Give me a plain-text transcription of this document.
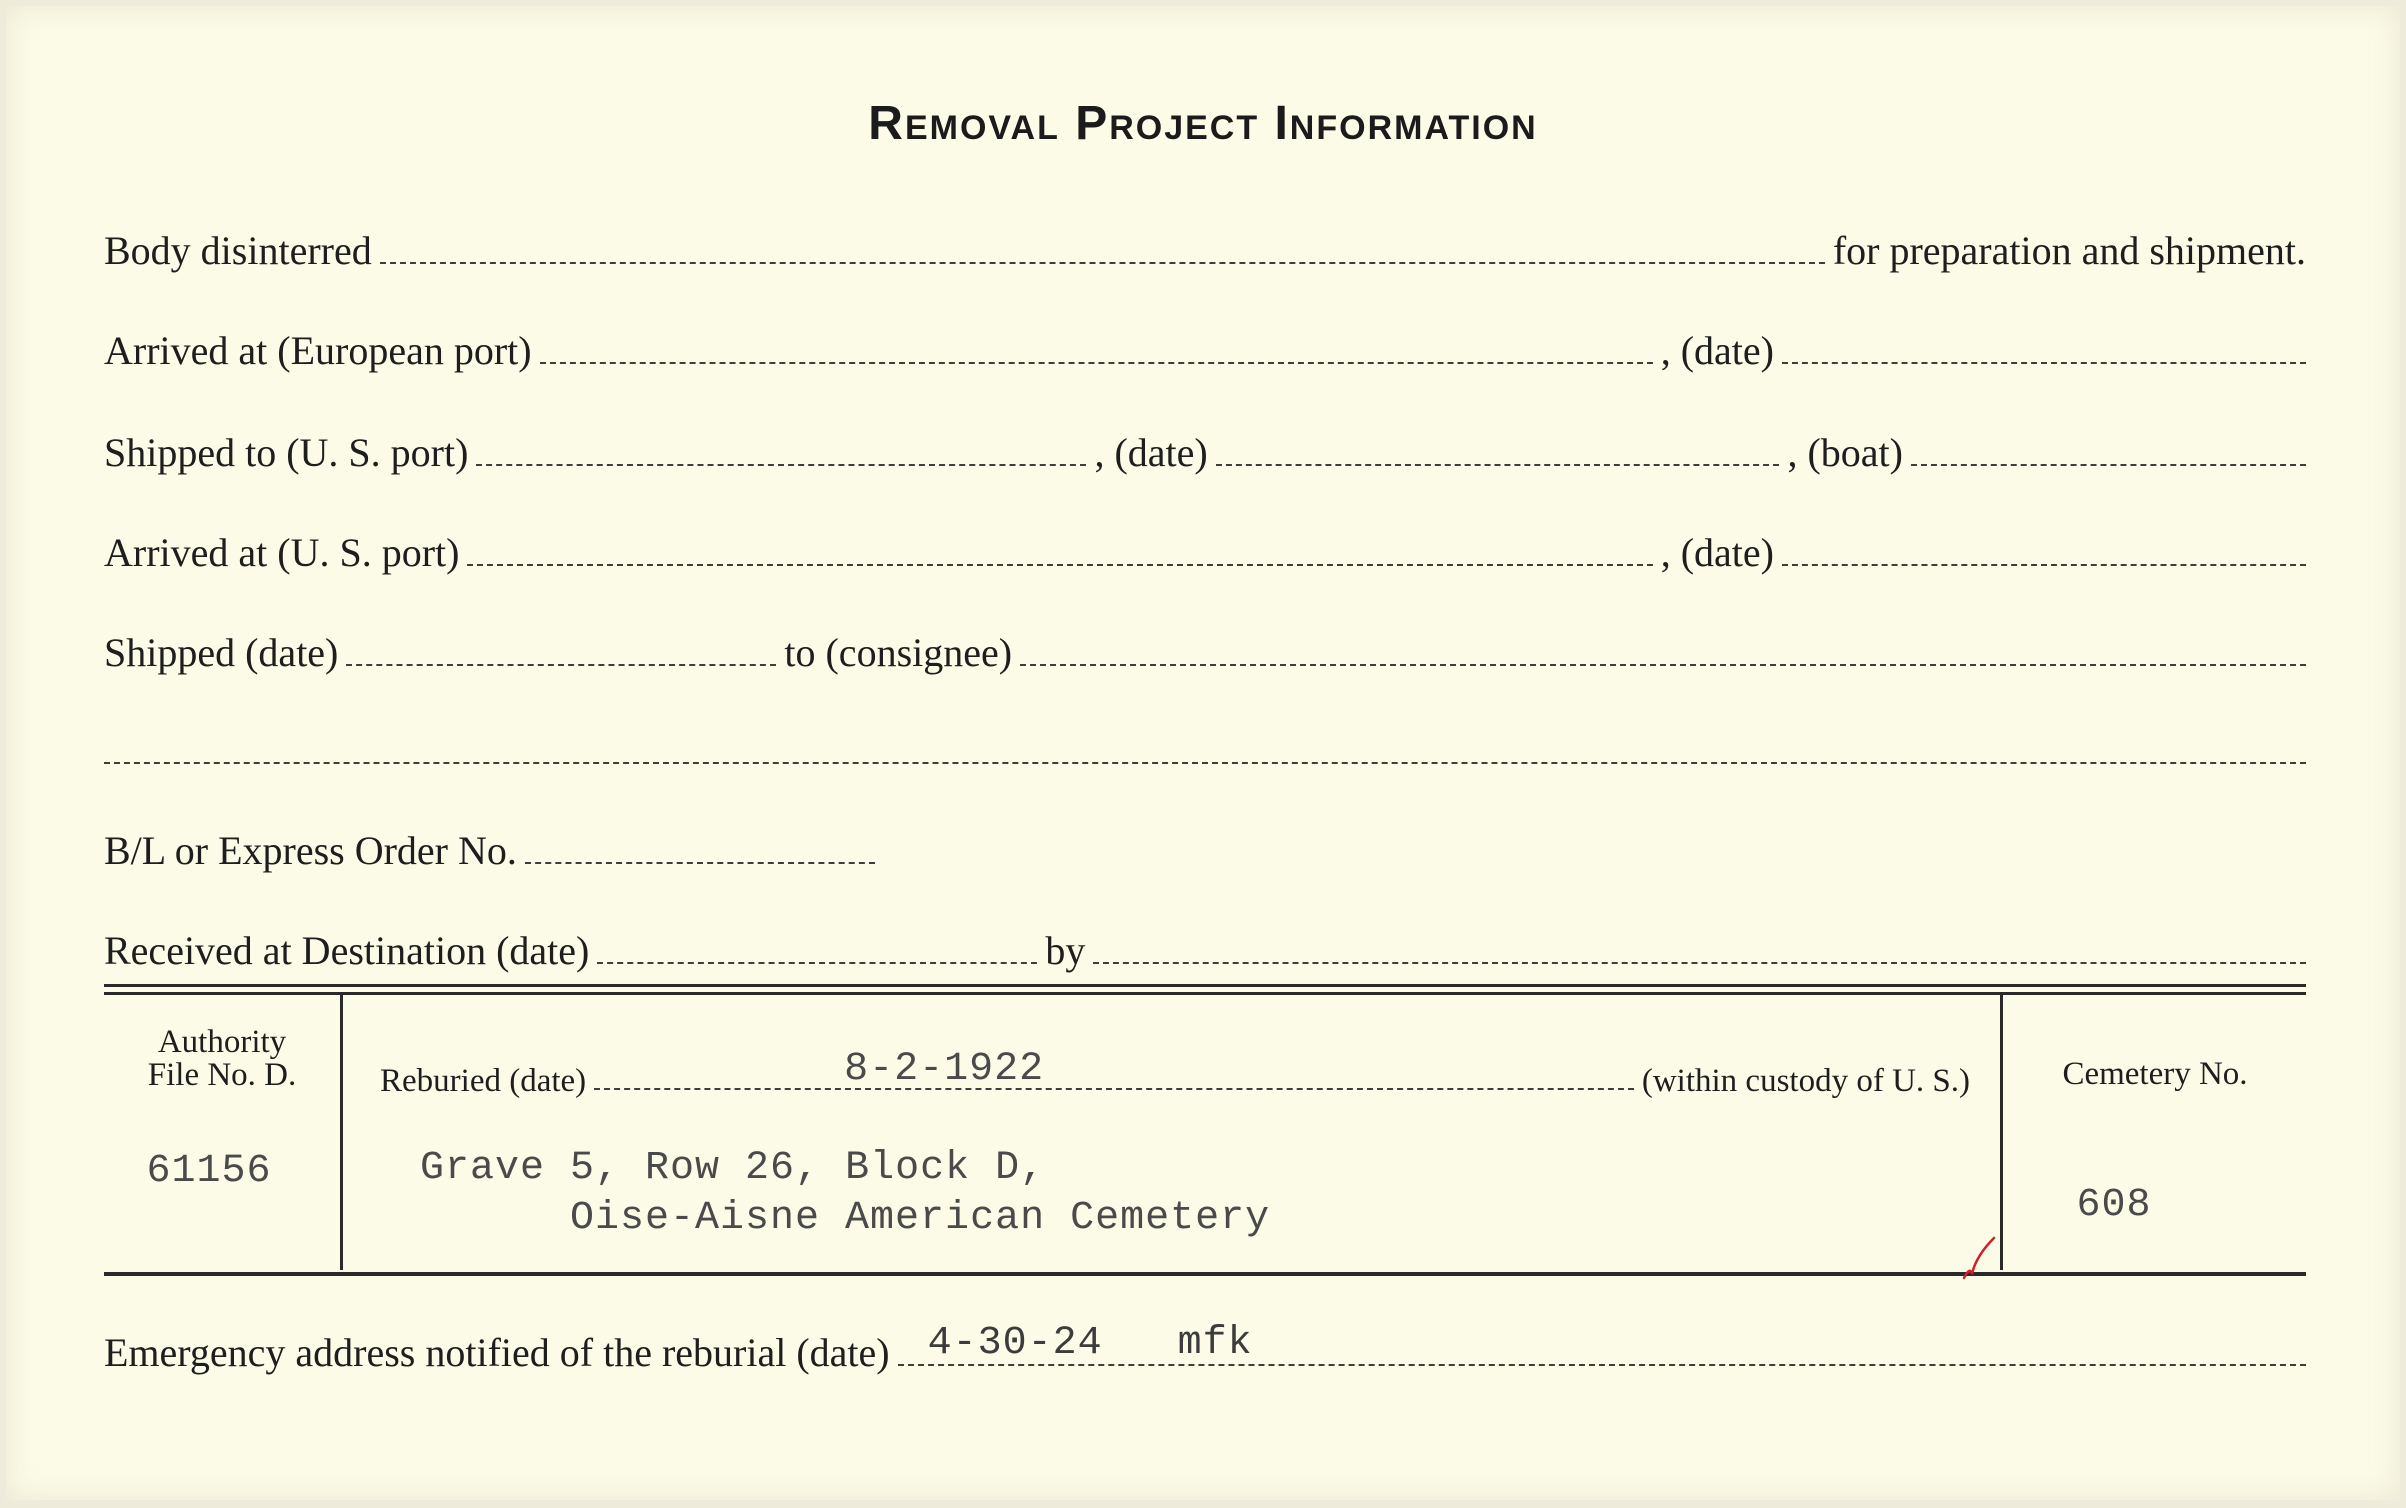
Removal Project Information
Body disinterred	for preparation and shipment.
Arrived at (European port)	, (date)
Shipped to (U. S. port)	, (date)	, (boat)
Arrived at (U. S. port)	, (date)
Shipped (date)	to (consignee)
B/L or Express Order No.
Received at Destination (date)	by
Authority
File No. D.
61156
Reburied (date)	8-2-1922	(within custody of U. S.)
Grave 5, Row 26, Block D,
Oise-Aisne American Cemetery
Cemetery No.
608
Emergency address notified of the reburial (date) 4-30-24   mfk
